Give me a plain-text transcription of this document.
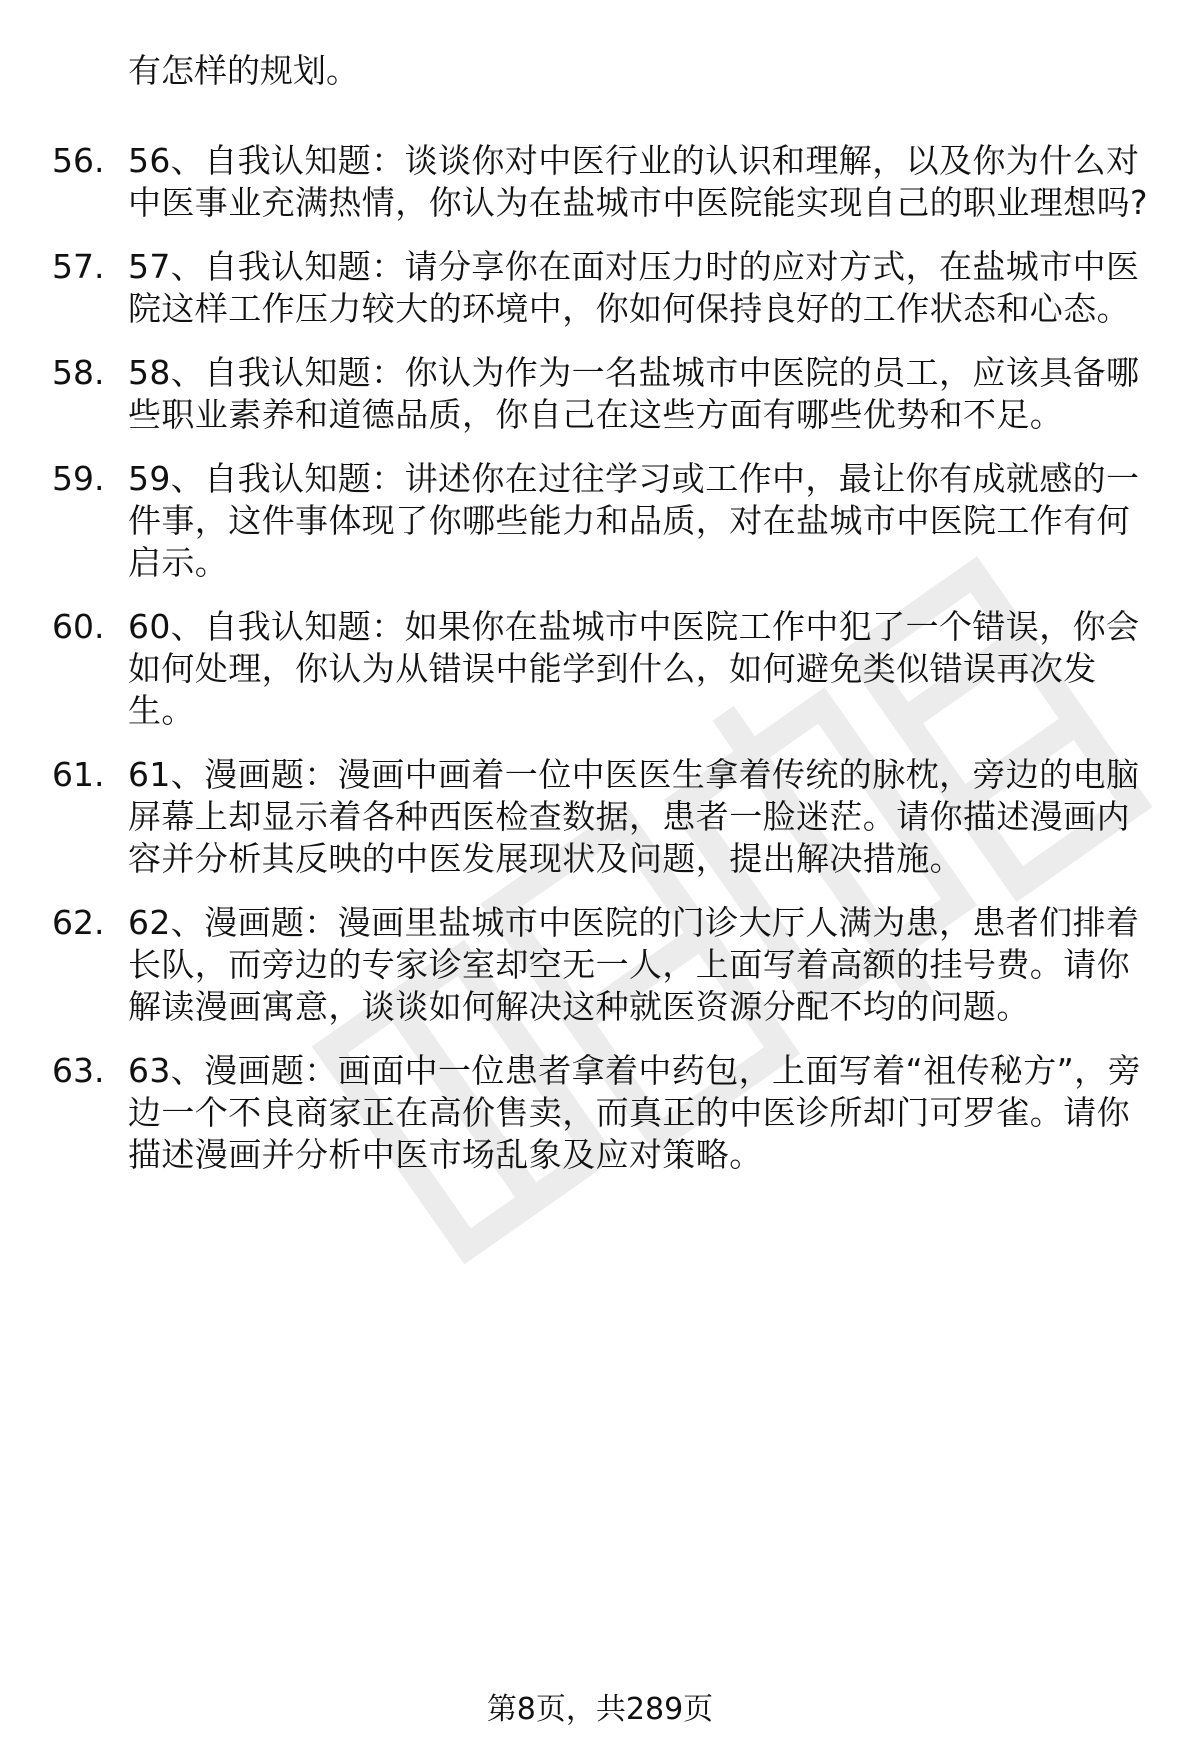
有怎样的规划。
56. 56、自我认知题：谈谈你对中医行业的认识和理解，以及你为什么对中医事业充满热情，你认为在盐城市中医院能实现自己的职业理想吗?
57. 57、自我认知题：请分享你在面对压力时的应对方式，在盐城市中医院这样工作压力较大的环境中，你如何保持良好的工作状态和心态。
58. 58、自我认知题：你认为作为一名盐城市中医院的员工，应该具备哪些职业素养和道德品质，你自己在这些方面有哪些优势和不足。
59. 59、自我认知题：讲述你在过往学习或工作中，最让你有成就感的一件事，这件事体现了你哪些能力和品质，对在盐城市中医院工作有何启示。
60. 60、自我认知题：如果你在盐城市中医院工作中犯了一个错误，你会如何处理，你认为从错误中能学到什么，如何避免类似错误再次发生。
61. 61、漫画题：漫画中画着一位中医医生拿着传统的脉枕，旁边的电脑屏幕上却显示着各种西医检查数据，患者一脸迷茫。请你描述漫画内容并分析其反映的中医发展现状及问题，提出解决措施。
62. 62、漫画题：漫画里盐城市中医院的门诊大厅人满为患，患者们排着长队，而旁边的专家诊室却空无一人，上面写着高额的挂号费。请你解读漫画寓意，谈谈如何解决这种就医资源分配不均的问题。
63. 63、漫画题：画面中一位患者拿着中药包，上面写着“祖传秘方”，旁边一个不良商家正在高价售卖，而真正的中医诊所却门可罗雀。请你描述漫画并分析中医市场乱象及应对策略。
第8页，共289页
